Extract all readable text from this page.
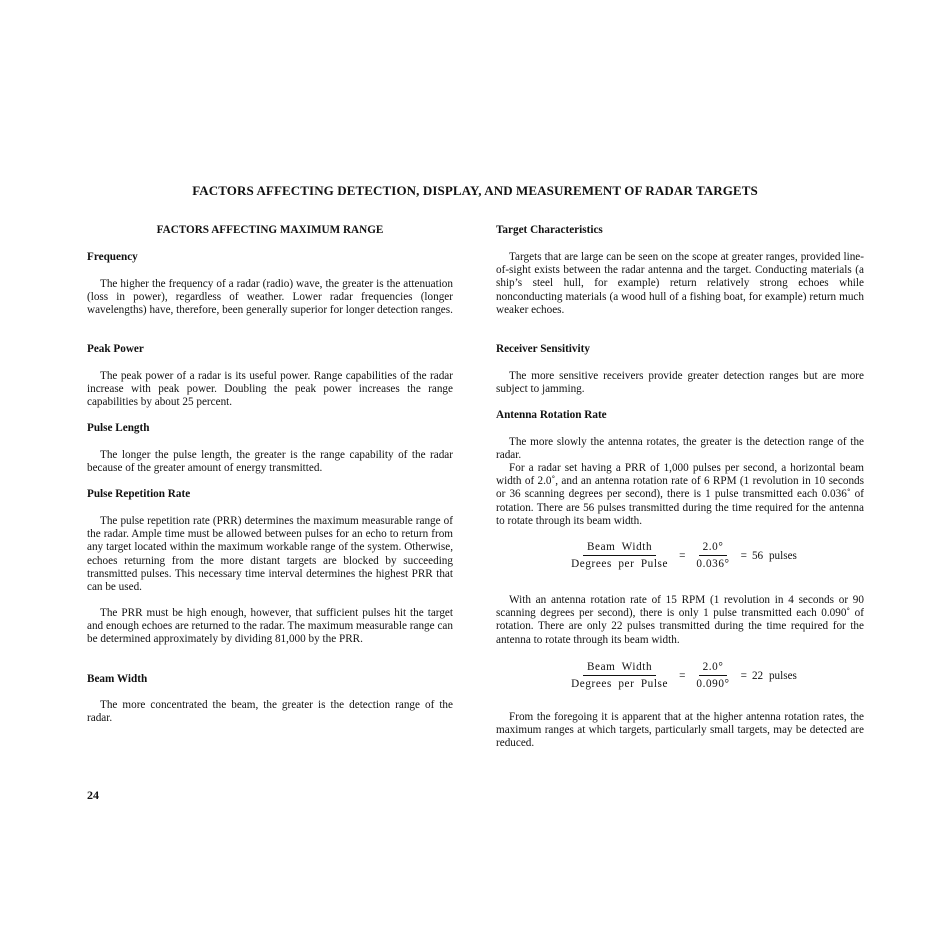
FACTORS AFFECTING DETECTION, DISPLAY, AND MEASUREMENT OF RADAR TARGETS
FACTORS AFFECTING MAXIMUM RANGE
Frequency

The higher the frequency of a radar (radio) wave, the greater is the attenuation (loss in power), regardless of weather. Lower radar frequencies (longer wavelengths) have, therefore, been generally superior for longer detection ranges.

Peak Power

The peak power of a radar is its useful power. Range capabilities of the radar increase with peak power. Doubling the peak power increases the range capabilities by about 25 percent.

Pulse Length

The longer the pulse length, the greater is the range capability of the radar because of the greater amount of energy transmitted.

Pulse Repetition Rate

The pulse repetition rate (PRR) determines the maximum measurable range of the radar. Ample time must be allowed between pulses for an echo to return from any target located within the maximum workable range of the system. Otherwise, echoes returning from the more distant targets are blocked by succeeding transmitted pulses. This necessary time interval determines the highest PRR that can be used.

The PRR must be high enough, however, that sufficient pulses hit the target and enough echoes are returned to the radar. The maximum measurable range can be determined approximately by dividing 81,000 by the PRR.

Beam Width

The more concentrated the beam, the greater is the detection range of the radar.

Target Characteristics

Targets that are large can be seen on the scope at greater ranges, provided line-of-sight exists between the radar antenna and the target. Conducting materials (a ship’s steel hull, for example) return relatively strong echoes while nonconducting materials (a wood hull of a fishing boat, for example) return much weaker echoes.

Receiver Sensitivity

The more sensitive receivers provide greater detection ranges but are more subject to jamming.

Antenna Rotation Rate

The more slowly the antenna rotates, the greater is the detection range of the radar.

For a radar set having a PRR of 1,000 pulses per second, a horizontal beam width of 2.0˚, and an antenna rotation rate of 6 RPM (1 revolution in 10 seconds or 36 scanning degrees per second), there is 1 pulse transmitted each 0.036˚ of rotation. There are 56 pulses transmitted during the time required for the antenna to rotate through its beam width.

$\frac{\text{Beam Width}}{\text{Degrees per Pulse}} = \frac{2.0^\circ}{0.036^\circ} = 56$ pulses

With an antenna rotation rate of 15 RPM (1 revolution in 4 seconds or 90 scanning degrees per second), there is only 1 pulse transmitted each 0.090˚ of rotation. There are only 22 pulses transmitted during the time required for the antenna to rotate through its beam width.

$\frac{\text{Beam Width}}{\text{Degrees per Pulse}} = \frac{2.0^\circ}{0.090^\circ} = 22$ pulses

From the foregoing it is apparent that at the higher antenna rotation rates, the maximum ranges at which targets, particularly small targets, may be detected are reduced.

24
